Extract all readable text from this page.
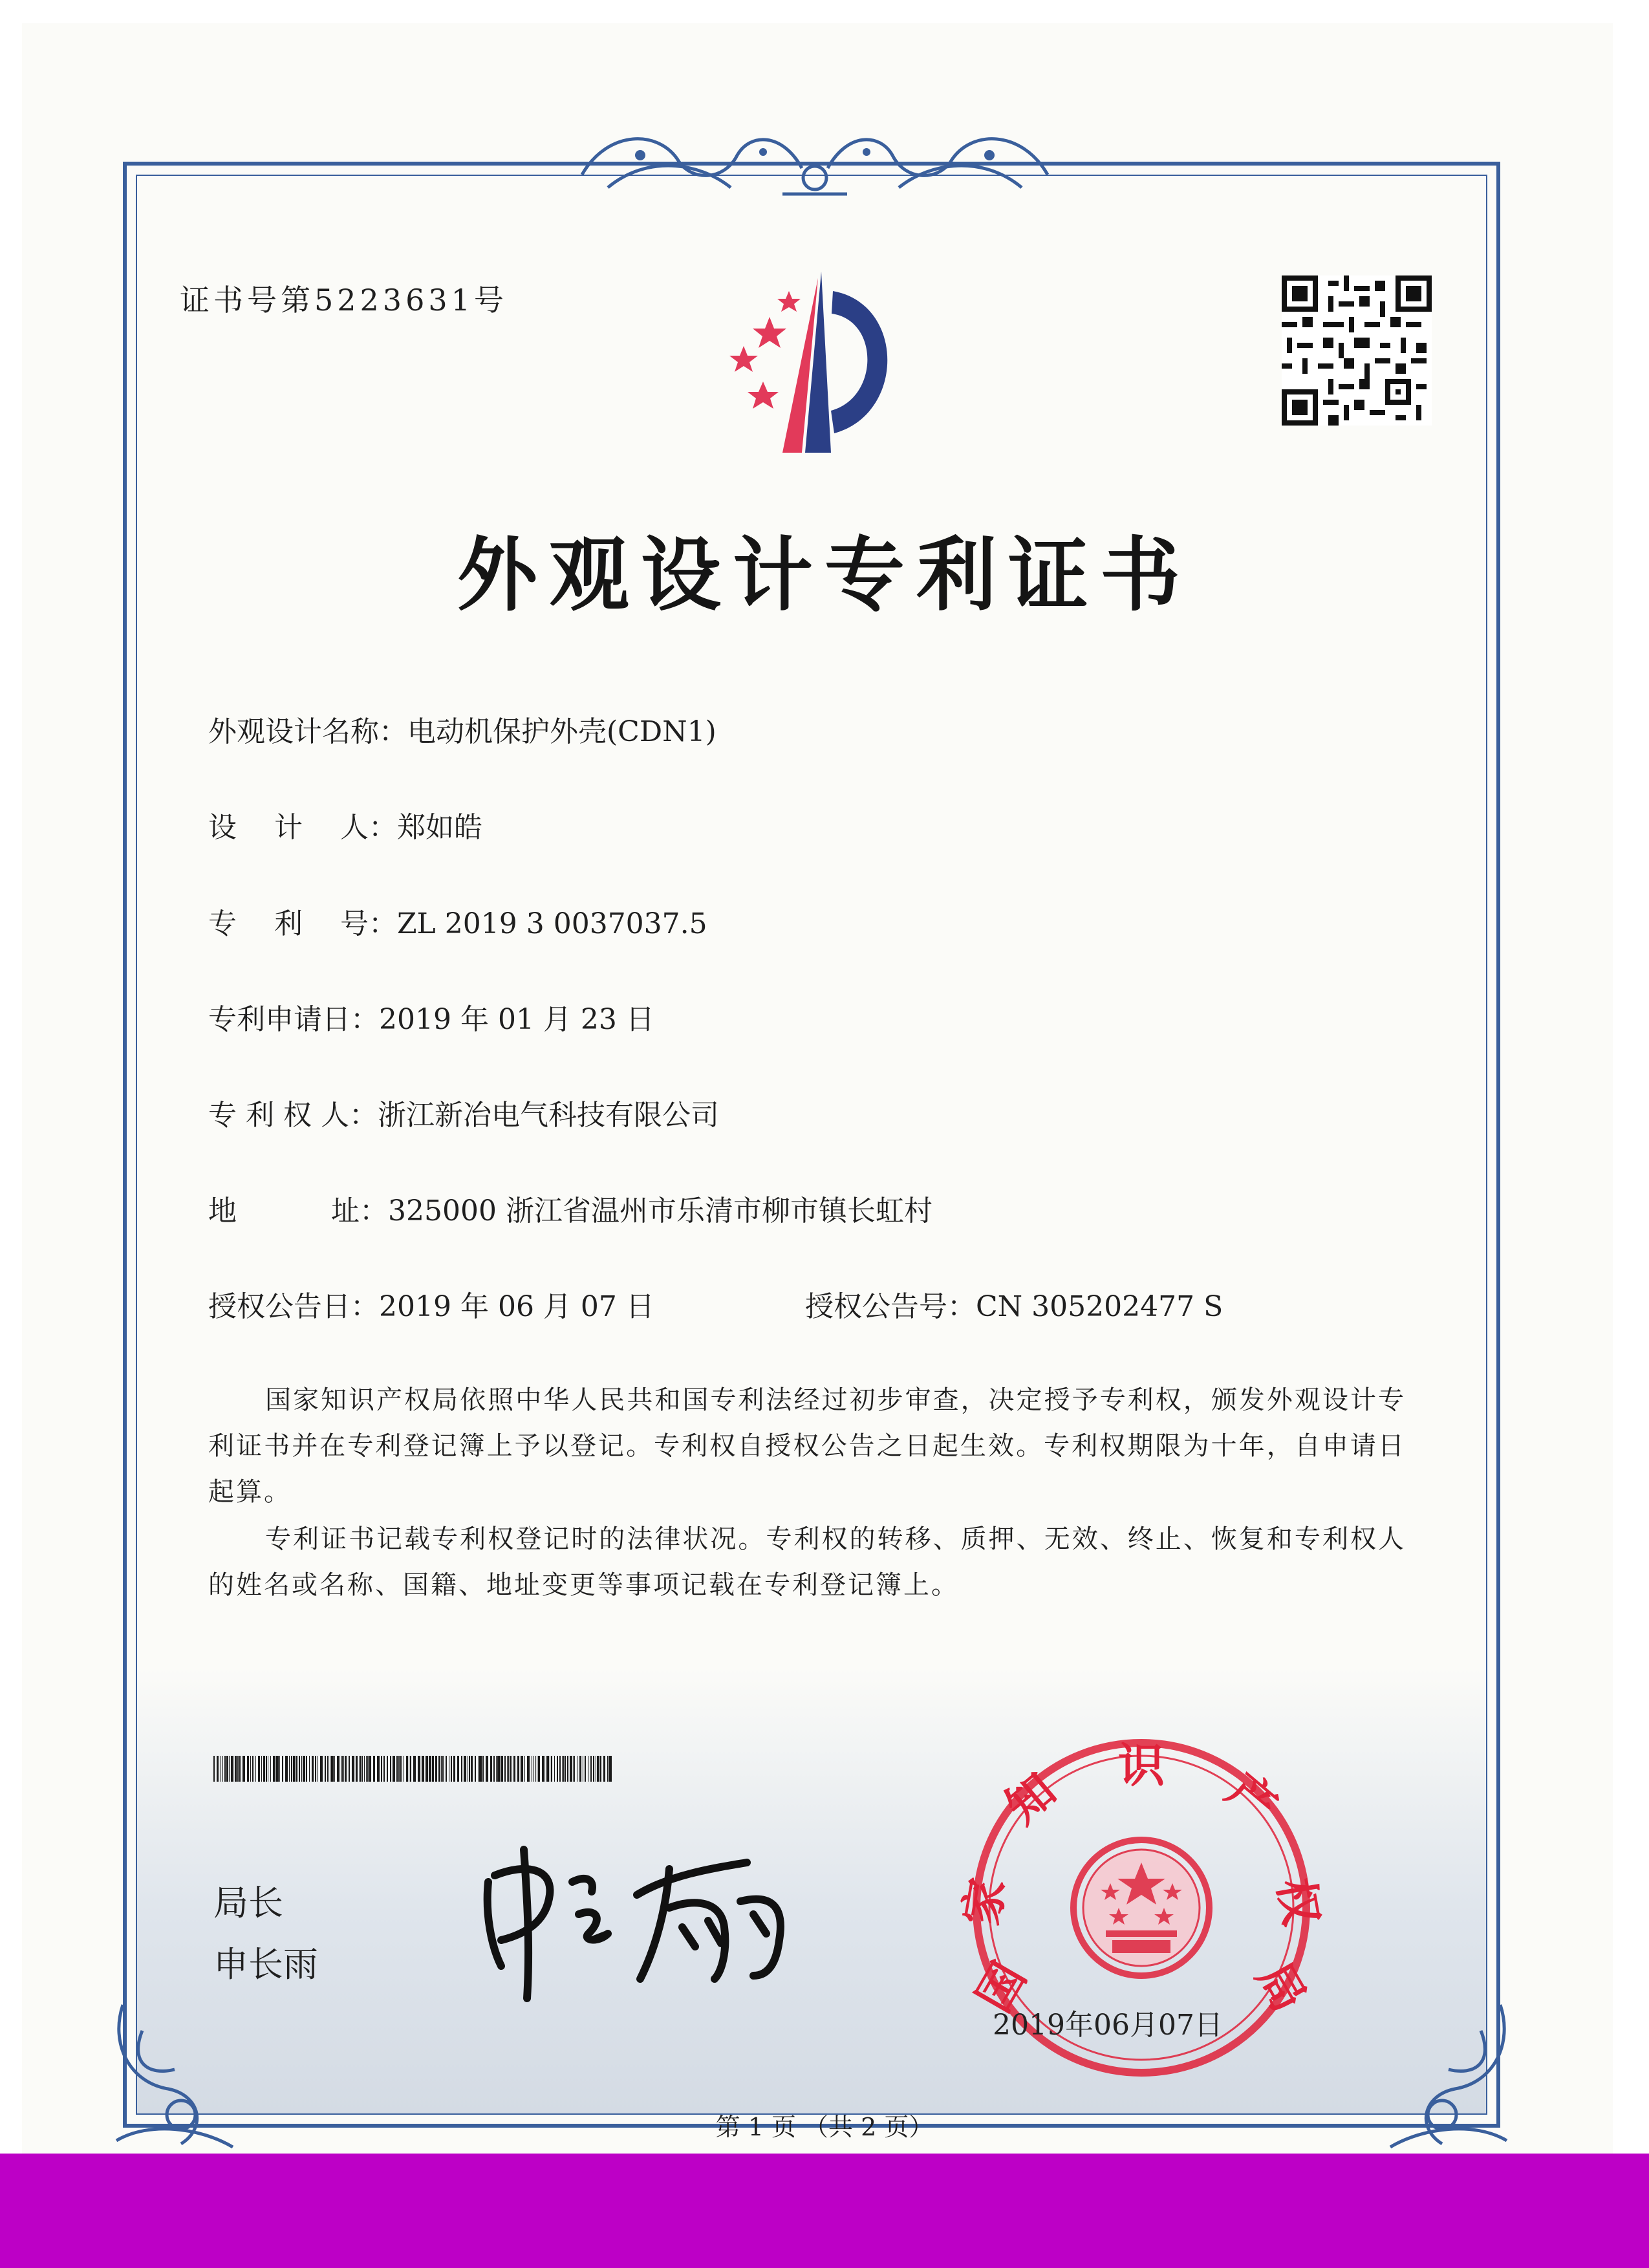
证书号第5223631号
外观设计专利证书
外观设计名称：电动机保护外壳(CDN1)
设　 计 　人：郑如皓
专　 利 　号：ZL 2019 3 0037037.5
专利申请日：2019 年 01 月 23 日
专 利 权 人：浙江新冶电气科技有限公司
地　　　 址：325000 浙江省温州市乐清市柳市镇长虹村
授权公告日：2019 年 06 月 07 日	授权公告号：CN 305202477 S

国家知识产权局依照中华人民共和国专利法经过初步审查，决定授予专利权，颁发外观设计专利证书并在专利登记簿上予以登记。专利权自授权公告之日起生效。专利权期限为十年，自申请日起算。

专利证书记载专利权登记时的法律状况。专利权的转移、质押、无效、终止、恢复和专利权人的姓名或名称、国籍、地址变更等事项记载在专利登记簿上。

局长
申长雨	国
家
知 识 产
权
局
2019年06月07日
第 1 页 （共 2 页）
